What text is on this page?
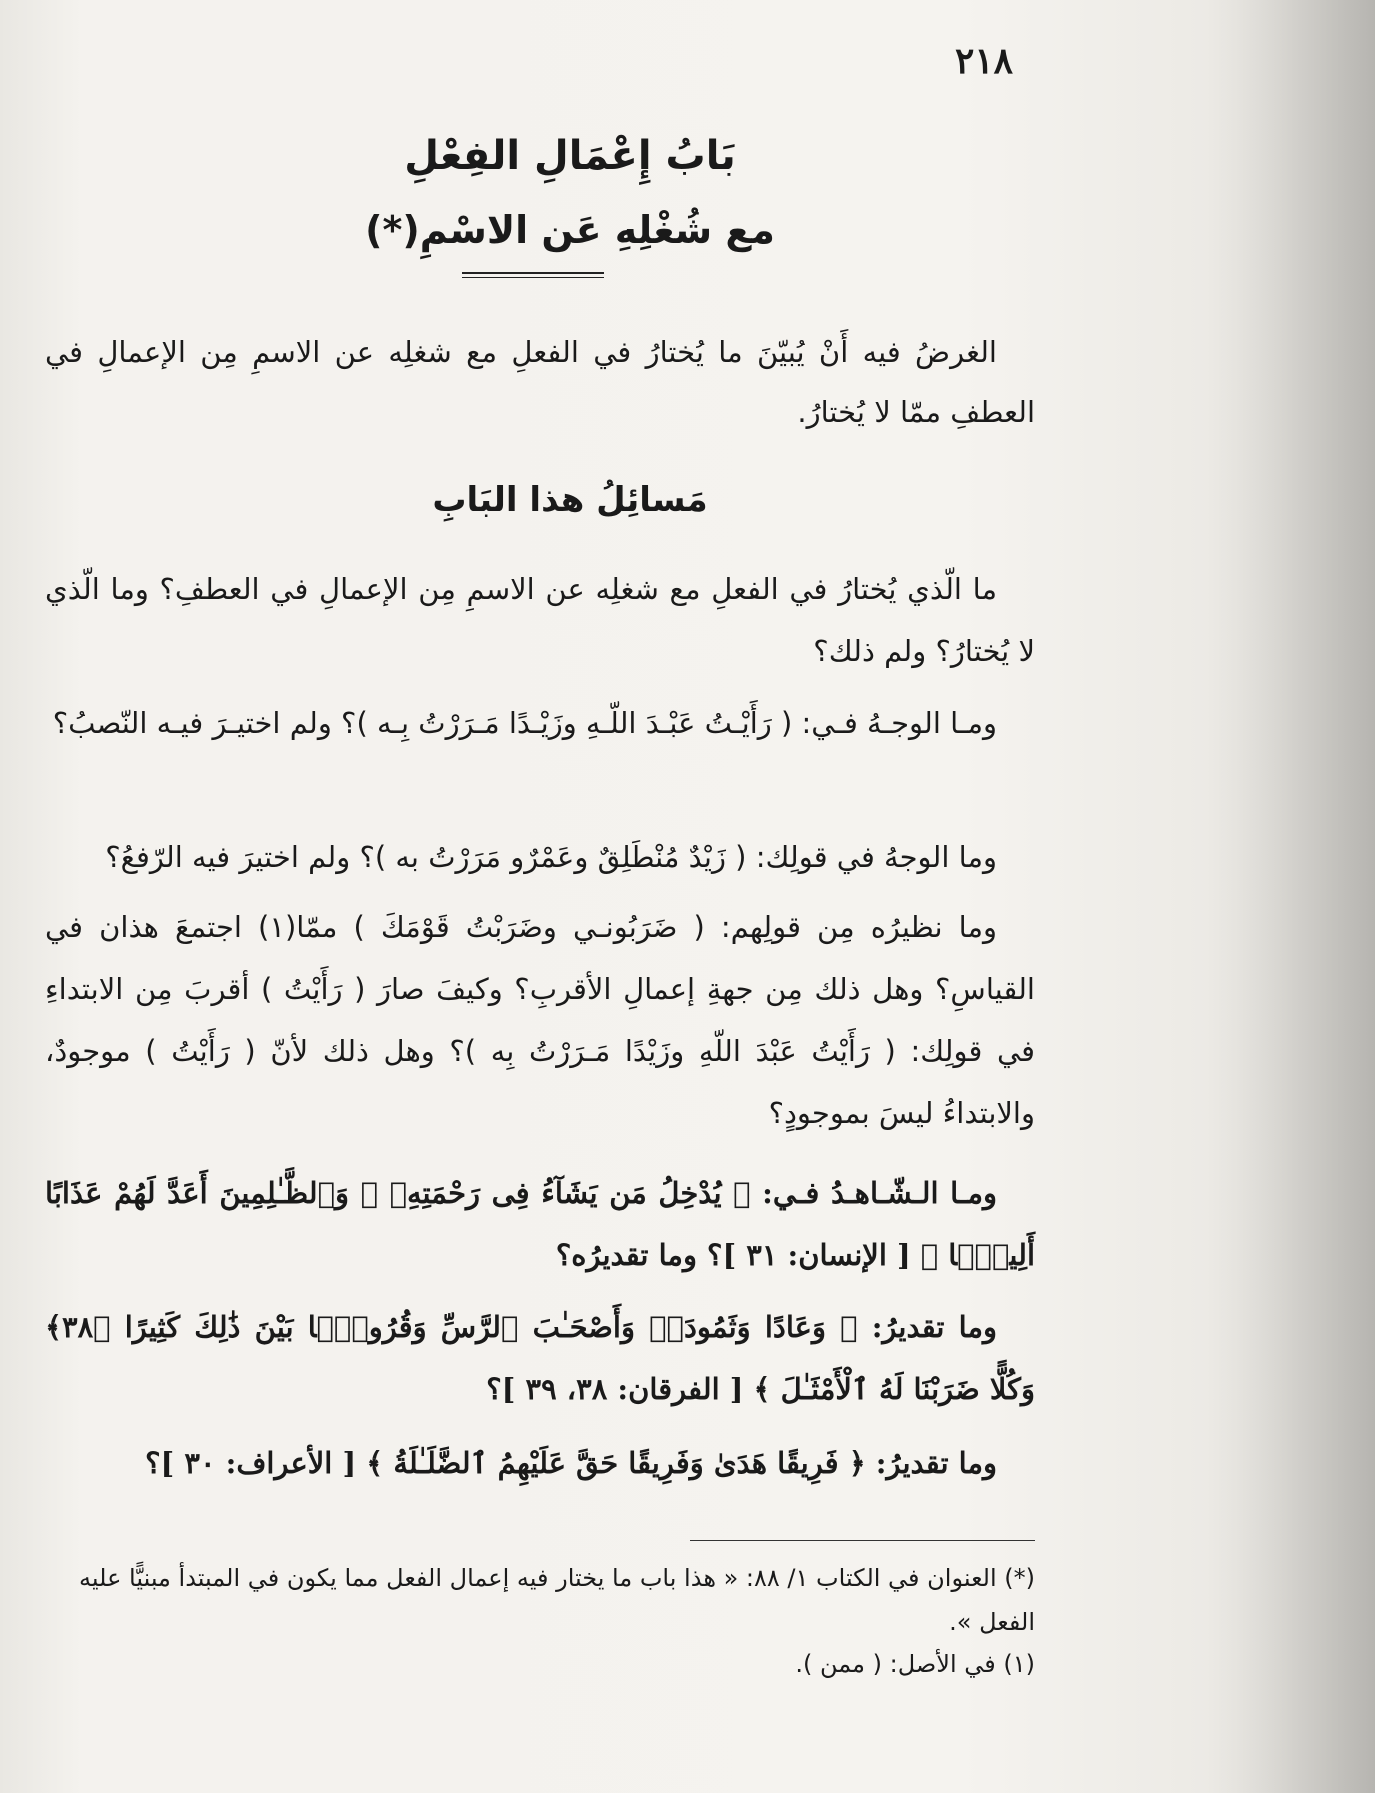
٢١٨
بَابُ إِعْمَالِ الفِعْلِ
مع شُغْلِهِ عَن الاسْمِ(*)
الغرضُ فيه أَنْ يُبيّنَ ما يُختارُ في الفعلِ مع شغلِه عن الاسمِ مِن الإعمالِ في العطفِ ممّا لا يُختارُ.
مَسائِلُ هذا البَابِ
ما الّذي يُختارُ في الفعلِ مع شغلِه عن الاسمِ مِن الإعمالِ في العطفِ؟ وما الّذي لا يُختارُ؟ ولم ذلك؟
ومـا الوجـهُ فـي: ( رَأَيْـتُ عَبْـدَ اللّـهِ وزَيْـدًا مَـرَرْتُ بِـه )؟ ولم اختيـرَ فيـه النّصبُ؟
وما الوجهُ في قولِك: ( زَيْدٌ مُنْطَلِقٌ وعَمْرٌو مَرَرْتُ به )؟ ولم اختيرَ فيه الرّفعُ؟
وما نظيرُه مِن قولِهم: ( ضَرَبُونـي وضَرَبْتُ قَوْمَكَ ) ممّا(١) اجتمعَ هذان في القياسِ؟ وهل ذلك مِن جهةِ إعمالِ الأقربِ؟ وكيفَ صارَ ( رَأَيْتُ ) أقربَ مِن الابتداءِ في قولِك: ( رَأَيْتُ عَبْدَ اللّهِ وزَيْدًا مَـرَرْتُ بِه )؟ وهل ذلك لأنّ ( رَأَيْتُ ) موجودٌ، والابتداءُ ليسَ بموجودٍ؟
ومـا الـشّـاهـدُ فـي: ﴿ يُدْخِلُ مَن يَشَآءُ فِى رَحْمَتِهِۦ ۚ وَٱلظَّـٰلِمِينَ أَعَدَّ لَهُمْ عَذَابًا أَلِيمًۢا ﴾ [ الإنسان: ٣١ ]؟ وما تقديرُه؟
وما تقديرُ: ﴿ وَعَادًا وَثَمُودَا۟ وَأَصْحَـٰبَ ٱلرَّسِّ وَقُرُونًۢا بَيْنَ ذَٰلِكَ كَثِيرًا ﴿٣٨﴾ وَكُلًّا ضَرَبْنَا لَهُ ٱلْأَمْثَـٰلَ ﴾ [ الفرقان: ٣٨، ٣٩ ]؟
وما تقديرُ: ﴿ فَرِيقًا هَدَىٰ وَفَرِيقًا حَقَّ عَلَيْهِمُ ٱلضَّلَـٰلَةُ ﴾ [ الأعراف: ٣٠ ]؟
(*) العنوان في الكتاب ١/ ٨٨: « هذا باب ما يختار فيه إعمال الفعل مما يكون في المبتدأ مبنيًّا عليه الفعل ».
(١) في الأصل: ( ممن ).
